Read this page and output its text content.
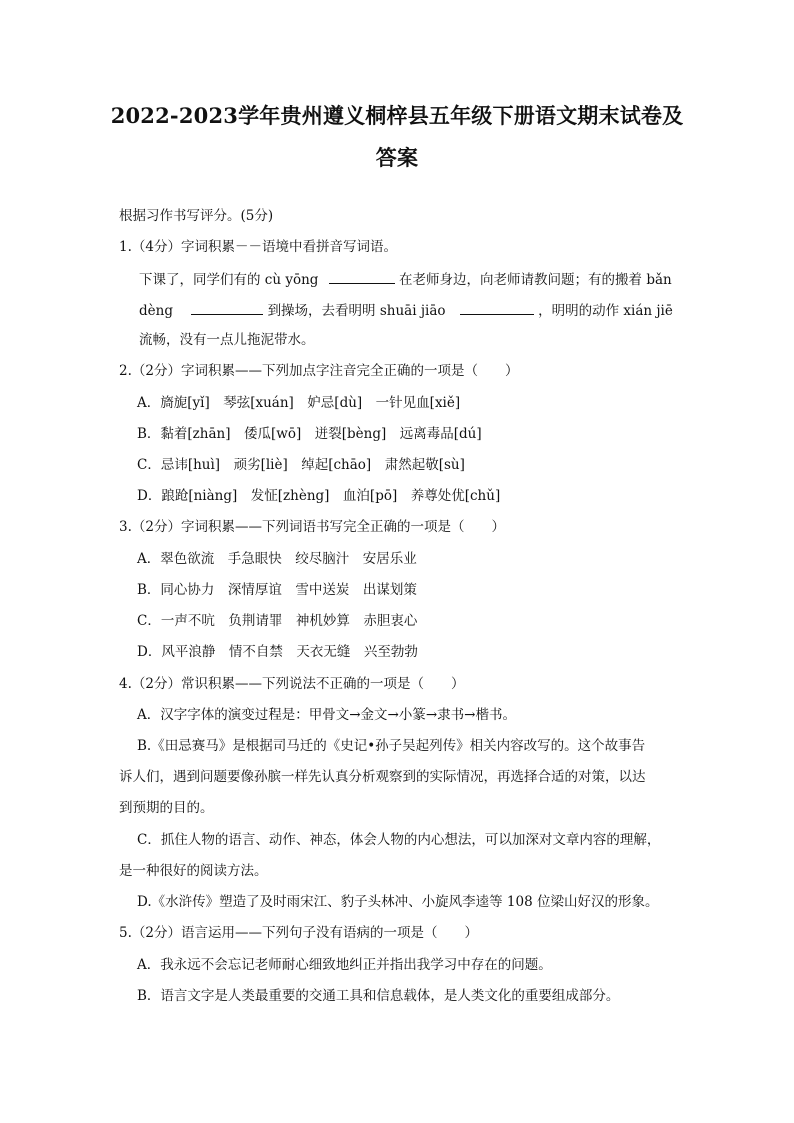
2022-2023学年贵州遵义桐梓县五年级下册语文期末试卷及
答案
根据习作书写评分。(5分)
1.（4分）字词积累－－语境中看拼音写词语。
下课了，同学们有的 cù yōng	在老师身边，向老师请教问题；有的搬着 bǎn
dèng	到操场，去看明明 shuāi jiāo	，明明的动作 xián jiē
流畅，没有一点儿拖泥带水。
2.（2分）字词积累——下列加点字注音完全正确的一项是（　　）
A．旖旎[yǐ]　琴弦[xuán]　妒忌[dù]　一针见血[xiě]
B．黏着[zhān]　倭瓜[wō]　迸裂[bèng]　远离毒品[dú]
C．忌讳[huì]　顽劣[liè]　绰起[chāo]　肃然起敬[sù]
D．踉跄[niàng]　发怔[zhèng]　血泊[pō]　养尊处优[chǔ]
3.（2分）字词积累——下列词语书写完全正确的一项是（　　）
A．翠色欲流　手急眼快　绞尽脑汁　安居乐业
B．同心协力　深情厚谊　雪中送炭　出谋划策
C．一声不吭　负荆请罪　神机妙算　赤胆衷心
D．风平浪静　情不自禁　天衣无缝　兴至勃勃
4.（2分）常识积累——下列说法不正确的一项是（　　）
A．汉字字体的演变过程是：甲骨文→金文→小篆→隶书→楷书。
B.《田忌赛马》是根据司马迁的《史记•孙子吴起列传》相关内容改写的。这个故事告
诉人们，遇到问题要像孙膑一样先认真分析观察到的实际情况，再选择合适的对策，以达
到预期的目的。
C．抓住人物的语言、动作、神态，体会人物的内心想法，可以加深对文章内容的理解，
是一种很好的阅读方法。
D.《水浒传》塑造了及时雨宋江、豹子头林冲、小旋风李逵等 108 位梁山好汉的形象。
5.（2分）语言运用——下列句子没有语病的一项是（　　）
A．我永远不会忘记老师耐心细致地纠正并指出我学习中存在的问题。
B．语言文字是人类最重要的交通工具和信息载体，是人类文化的重要组成部分。
